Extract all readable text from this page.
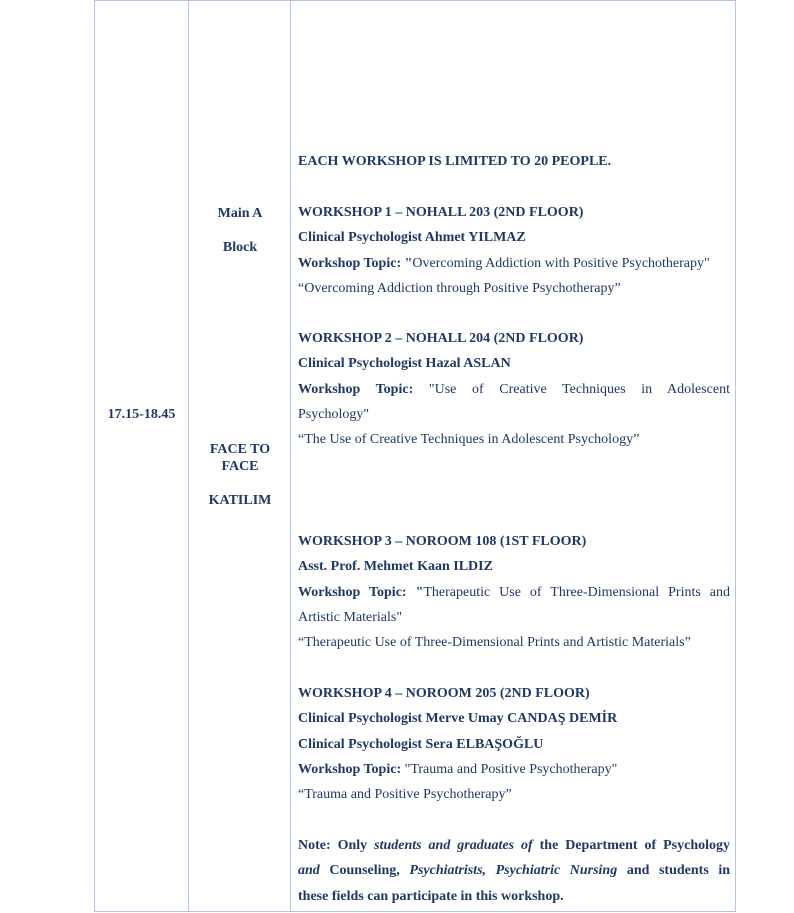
17.15-18.45
Main A
Block
FACE TO
FACE
KATILIM
EACH WORKSHOP IS LIMITED TO 20 PEOPLE.
WORKSHOP 1 – NOHALL 203 (2ND FLOOR)
Clinical Psychologist Ahmet YILMAZ
Workshop Topic: "Overcoming Addiction with Positive Psychotherapy"
“Overcoming Addiction through Positive Psychotherapy”
WORKSHOP 2 – NOHALL 204 (2ND FLOOR)
Clinical Psychologist Hazal ASLAN
Workshop Topic: "Use of Creative Techniques in Adolescent
Psychology"
“The Use of Creative Techniques in Adolescent Psychology”
WORKSHOP 3 – NOROOM 108 (1ST FLOOR)
Asst. Prof. Mehmet Kaan ILDIZ
Workshop Topic: "Therapeutic Use of Three-Dimensional Prints and
Artistic Materials"
“Therapeutic Use of Three-Dimensional Prints and Artistic Materials”
WORKSHOP 4 – NOROOM 205 (2ND FLOOR)
Clinical Psychologist Merve Umay CANDAŞ DEMİR
Clinical Psychologist Sera ELBAŞOĞLU
Workshop Topic: "Trauma and Positive Psychotherapy"
“Trauma and Positive Psychotherapy”
Note: Only students and graduates of the Department of Psychology
and Counseling, Psychiatrists, Psychiatric Nursing and students in
these fields can participate in this workshop.
